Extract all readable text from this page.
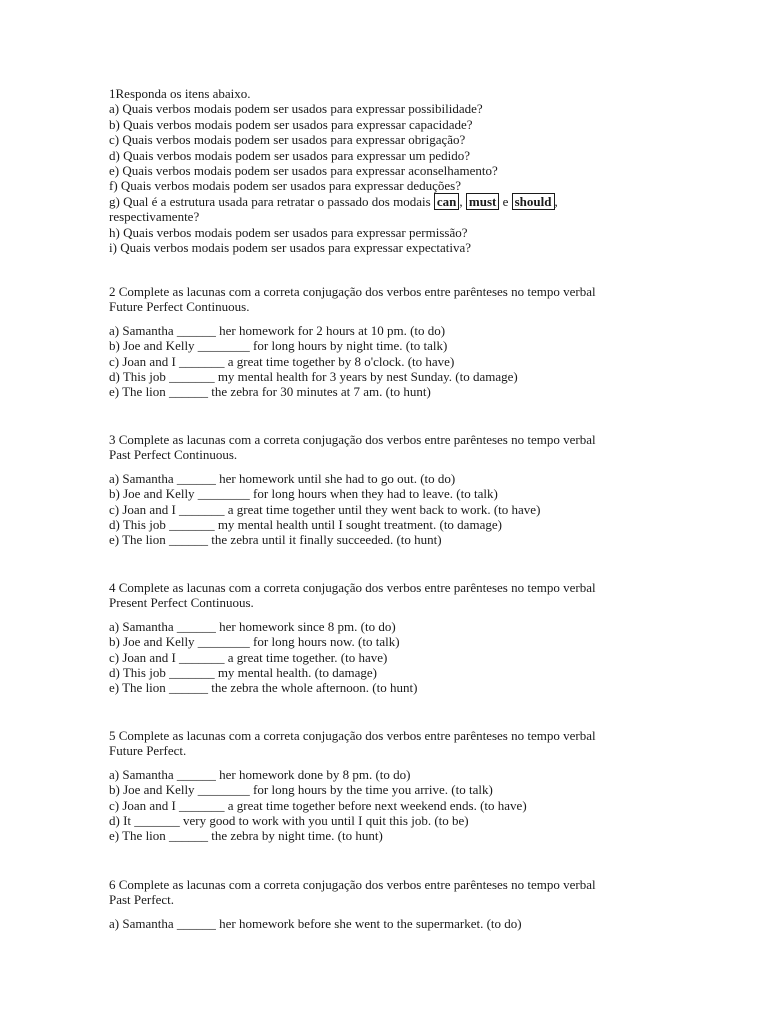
1Responda os itens abaixo.
a) Quais verbos modais podem ser usados para expressar possibilidade?
b) Quais verbos modais podem ser usados para expressar capacidade?
c) Quais verbos modais podem ser usados para expressar obrigação?
d) Quais verbos modais podem ser usados para expressar um pedido?
e) Quais verbos modais podem ser usados para expressar aconselhamento?
f) Quais verbos modais podem ser usados para expressar deduções?
g) Qual é a estrutura usada para retratar o passado dos modais can , must e should ,
respectivamente?
h) Quais verbos modais podem ser usados para expressar permissão?
i) Quais verbos modais podem ser usados para expressar expectativa?
2 Complete as lacunas com a correta conjugação dos verbos entre parênteses no tempo verbal
Future Perfect Continuous.
a) Samantha ______ her homework for 2 hours at 10 pm. (to do)
b) Joe and Kelly ________ for long hours by night time. (to talk)
c) Joan and I _______ a great time together by 8 o'clock. (to have)
d) This job _______ my mental health for 3 years by nest Sunday. (to damage)
e) The lion ______ the zebra for 30 minutes at 7 am. (to hunt)
3 Complete as lacunas com a correta conjugação dos verbos entre parênteses no tempo verbal
Past Perfect Continuous.
a) Samantha ______ her homework until she had to go out. (to do)
b) Joe and Kelly ________ for long hours when they had to leave. (to talk)
c) Joan and I _______ a great time together until they went back to work. (to have)
d) This job _______ my mental health until I sought treatment. (to damage)
e) The lion ______ the zebra until it finally succeeded. (to hunt)
4 Complete as lacunas com a correta conjugação dos verbos entre parênteses no tempo verbal
Present Perfect Continuous.
a) Samantha ______ her homework since 8 pm. (to do)
b) Joe and Kelly ________ for long hours now. (to talk)
c) Joan and I _______ a great time together. (to have)
d) This job _______ my mental health. (to damage)
e) The lion ______ the zebra the whole afternoon. (to hunt)
5 Complete as lacunas com a correta conjugação dos verbos entre parênteses no tempo verbal
Future Perfect.
a) Samantha ______ her homework done by 8 pm. (to do)
b) Joe and Kelly ________ for long hours by the time you arrive. (to talk)
c) Joan and I _______ a great time together before next weekend ends. (to have)
d) It _______ very good to work with you until I quit this job. (to be)
e) The lion ______ the zebra by night time. (to hunt)
6 Complete as lacunas com a correta conjugação dos verbos entre parênteses no tempo verbal
Past Perfect.
a) Samantha ______ her homework before she went to the supermarket. (to do)
